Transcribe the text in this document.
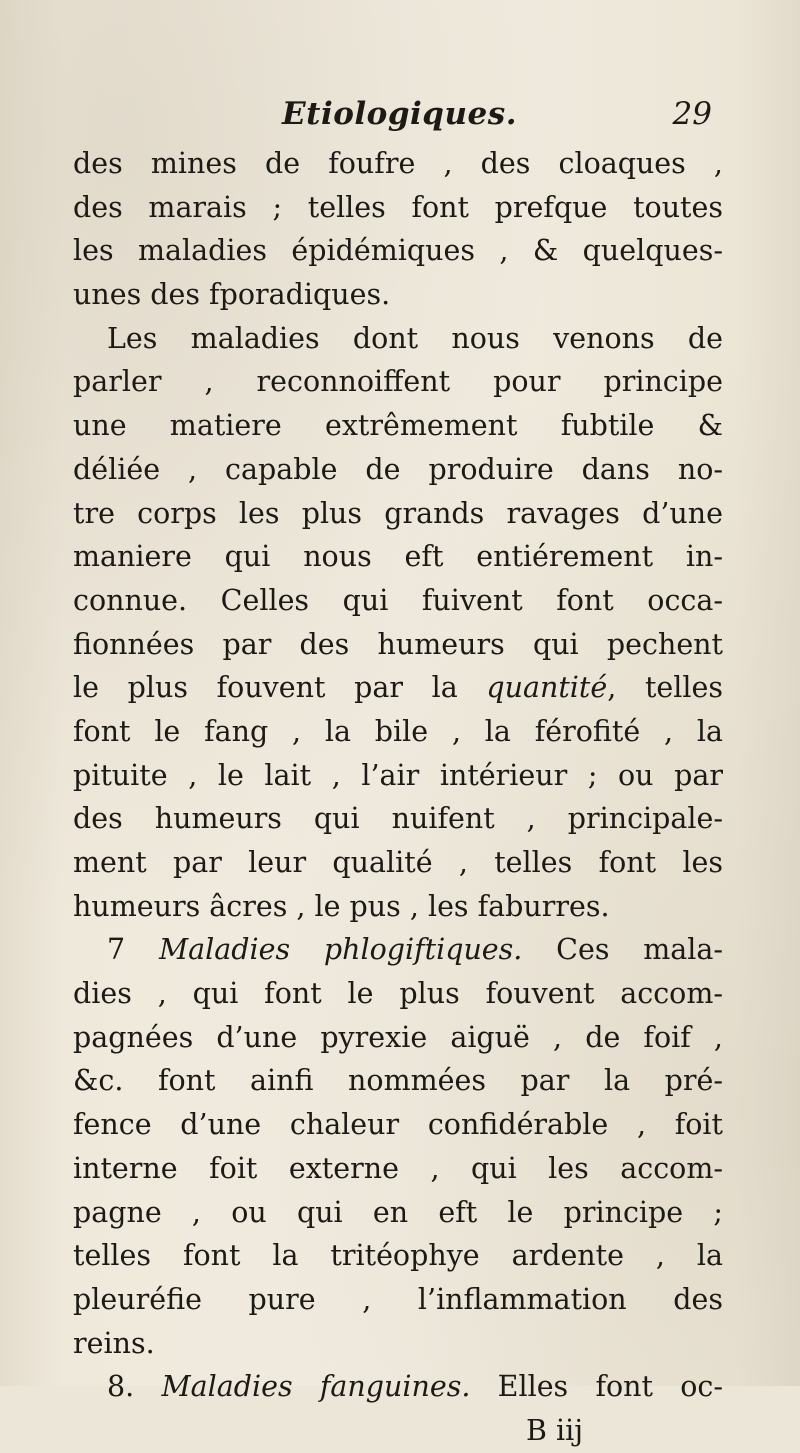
Etiologiques.	29
des mines de foufre , des cloaques ,
des marais ; telles font prefque toutes
les maladies épidémiques , & quelques-
unes des fporadiques.
Les maladies dont nous venons de
parler , reconnoiffent pour principe
une matiere extrêmement fubtile &
déliée , capable de produire dans no-
tre corps les plus grands ravages d’une
maniere qui nous eft entiérement in-
connue. Celles qui fuivent font occa-
fionnées par des humeurs qui pechent
le plus fouvent par la quantité, telles
font le fang , la bile , la férofité , la
pituite , le lait , l’air intérieur ; ou par
des humeurs qui nuifent , principale-
ment par leur qualité , telles font les
humeurs âcres , le pus , les faburres.
7 Maladies phlogiftiques. Ces mala-
dies , qui font le plus fouvent accom-
pagnées d’une pyrexie aiguë , de foif ,
&c. font ainfi nommées par la pré-
fence d’une chaleur confidérable , foit
interne foit externe , qui les accom-
pagne , ou qui en eft le principe ;
telles font la tritéophye ardente , la
pleuréfie pure , l’inflammation des
reins.
8. Maladies fanguines. Elles font oc-
B iij
